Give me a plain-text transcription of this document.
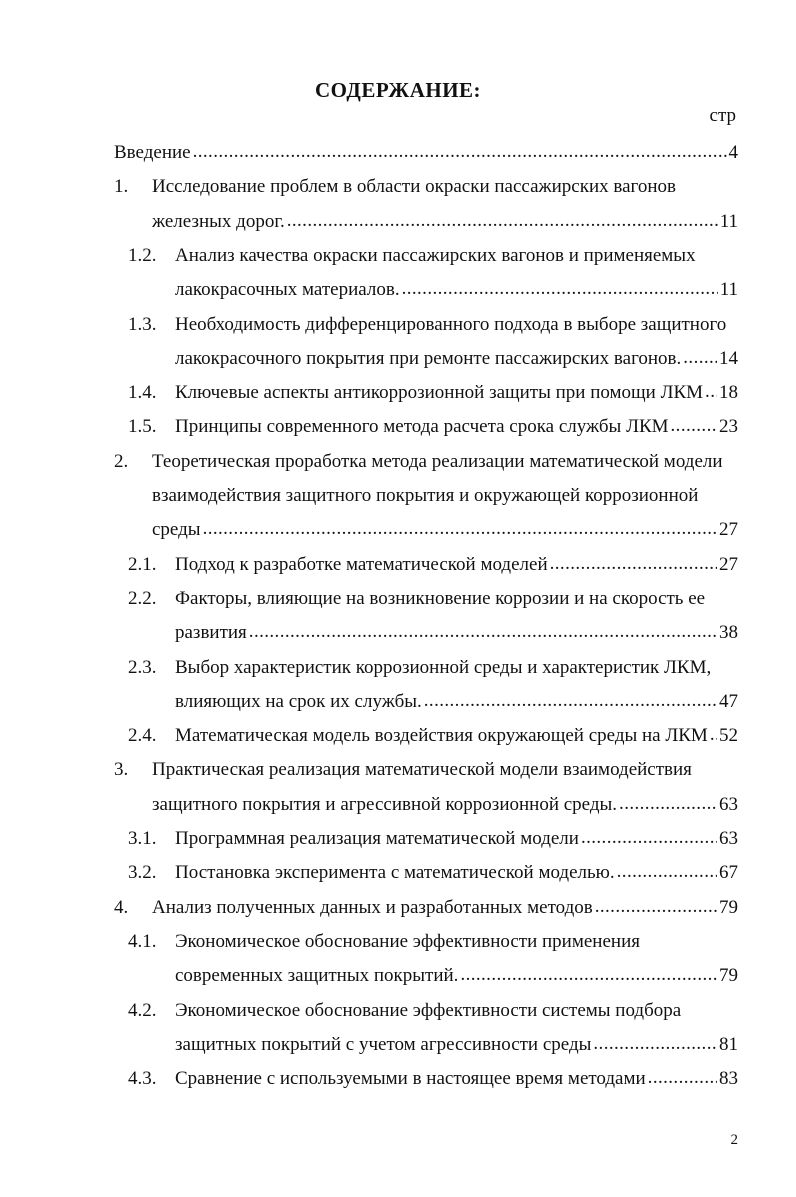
СОДЕРЖАНИЕ:
стр
Введение .....	4
1. Исследование проблем в области окраски пассажирских вагонов
железных дорог. .....	11
1.2. Анализ качества окраски пассажирских вагонов и применяемых
лакокрасочных материалов. .....	11
1.3. Необходимость дифференцированного подхода в выборе защитного
лакокрасочного покрытия при ремонте пассажирских вагонов. ..... 14
1.4. Ключевые аспекты антикоррозионной защиты при помощи ЛКМ ..... 18
1.5. Принципы современного метода расчета срока службы ЛКМ .....	23
2. Теоретическая проработка метода реализации математической модели
взаимодействия защитного покрытия и окружающей коррозионной
среды .....	27
2.1. Подход к разработке математической моделей .....	27
2.2. Факторы, влияющие на возникновение коррозии и на скорость ее
развития .....	38
2.3. Выбор характеристик коррозионной среды и характеристик ЛКМ,
влияющих на срок их службы. .....	47
2.4. Математическая модель воздействия окружающей среды на ЛКМ ..... 52
3. Практическая реализация математической модели взаимодействия
защитного покрытия и агрессивной коррозионной среды. .....	63
3.1. Программная реализация математической модели .....	63
3.2. Постановка эксперимента с математической моделью. .....	67
4. Анализ полученных данных и разработанных методов .....	79
4.1. Экономическое обоснование эффективности применения
современных защитных покрытий. .....	79
4.2. Экономическое обоснование эффективности системы подбора
защитных покрытий с учетом агрессивности среды .....	81
4.3. Сравнение с используемыми в настоящее время методами .....	83
2
